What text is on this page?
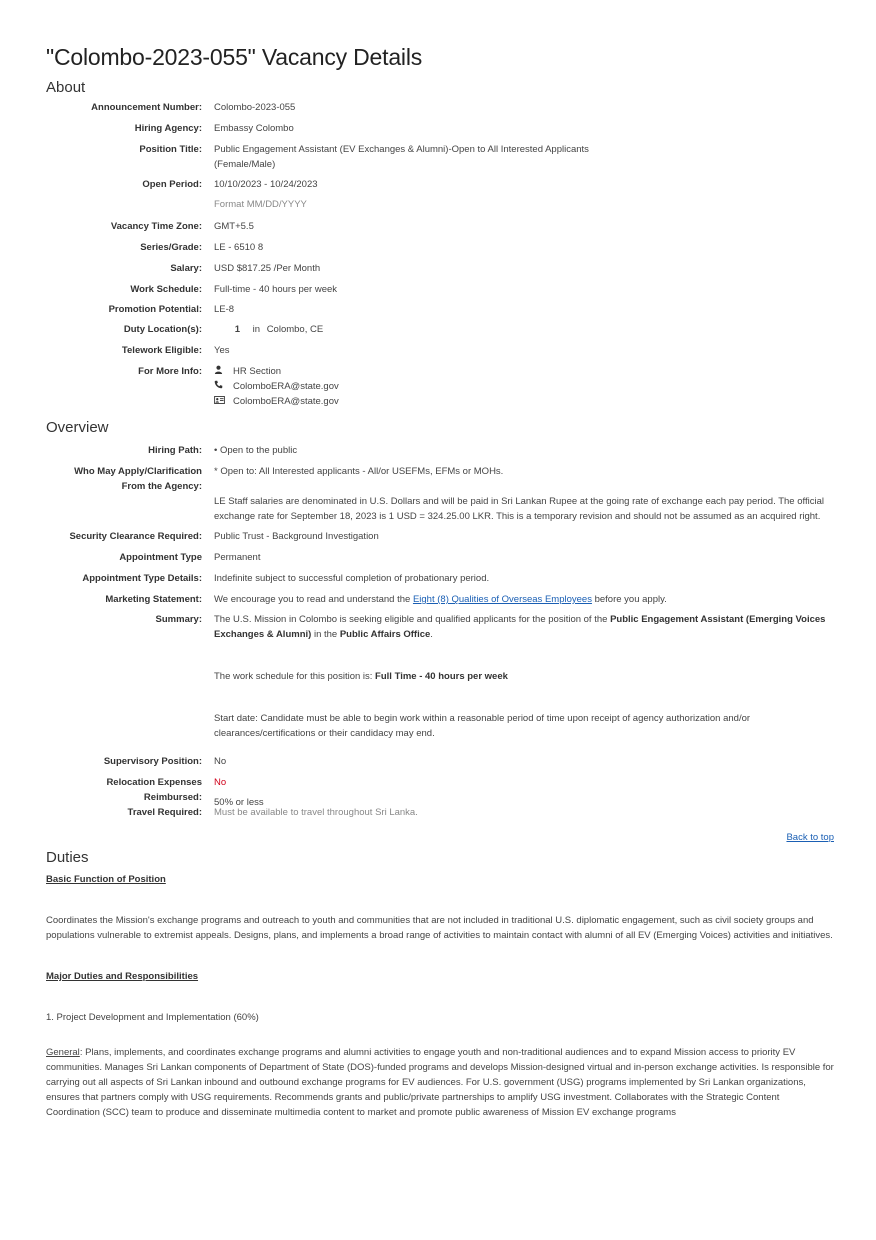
"Colombo-2023-055" Vacancy Details
About
Announcement Number: Colombo-2023-055
Hiring Agency: Embassy Colombo
Position Title: Public Engagement Assistant (EV Exchanges & Alumni)-Open to All Interested Applicants
(Female/Male)
Open Period: 10/10/2023 - 10/24/2023
Format MM/DD/YYYY
Vacancy Time Zone: GMT+5.5
Series/Grade: LE - 6510 8
Salary: USD $817.25 /Per Month
Work Schedule: Full-time - 40 hours per week
Promotion Potential: LE-8
Duty Location(s):	1 in Colombo, CE
Telework Eligible: Yes
For More Info:	HR Section
ColomboERA@state.gov
ColomboERA@state.gov
Overview
Hiring Path: • Open to the public
Who May Apply/Clarification
From the Agency:
* Open to: All Interested applicants - All/or USEFMs, EFMs or MOHs.
LE Staff salaries are denominated in U.S. Dollars and will be paid in Sri Lankan Rupee at the going rate of exchange each pay period. The official exchange rate for September 18, 2023 is 1 USD = 324.25.00 LKR. This is a temporary revision and should not be assumed as an acquired right.
Security Clearance Required: Public Trust - Background Investigation
Appointment Type Permanent
Appointment Type Details: Indefinite subject to successful completion of probationary period.
Marketing Statement: We encourage you to read and understand the Eight (8) Qualities of Overseas Employees before you apply.
Summary: The U.S. Mission in Colombo is seeking eligible and qualified applicants for the position of the Public Engagement Assistant (Emerging Voices Exchanges & Alumni) in the Public Affairs Office.
The work schedule for this position is: Full Time - 40 hours per week
Start date: Candidate must be able to begin work within a reasonable period of time upon receipt of agency authorization and/or clearances/certifications or their candidacy may end.
Supervisory Position: No
Relocation Expenses
Reimbursed:
No
50% or less
Travel Required: Must be available to travel throughout Sri Lanka.
Back to top
Duties
Basic Function of Position

Coordinates the Mission's exchange programs and outreach to youth and communities that are not included in traditional U.S. diplomatic engagement, such as civil society groups and populations vulnerable to extremist appeals. Designs, plans, and implements a broad range of activities to maintain contact with alumni of all EV (Emerging Voices) activities and initiatives.

Major Duties and Responsibilities

1. Project Development and Implementation (60%)

General: Plans, implements, and coordinates exchange programs and alumni activities to engage youth and non-traditional audiences and to expand Mission access to priority EV communities. Manages Sri Lankan components of Department of State (DOS)-funded programs and develops Mission-designed virtual and in-person exchange activities. Is responsible for carrying out all aspects of Sri Lankan inbound and outbound exchange programs for EV audiences. For U.S. government (USG) programs implemented by Sri Lankan organizations, ensures that partners comply with USG requirements. Recommends grants and public/private partnerships to amplify USG investment. Collaborates with the Strategic Content Coordination (SCC) team to produce and disseminate multimedia content to market and promote public awareness of Mission EV exchange programs
